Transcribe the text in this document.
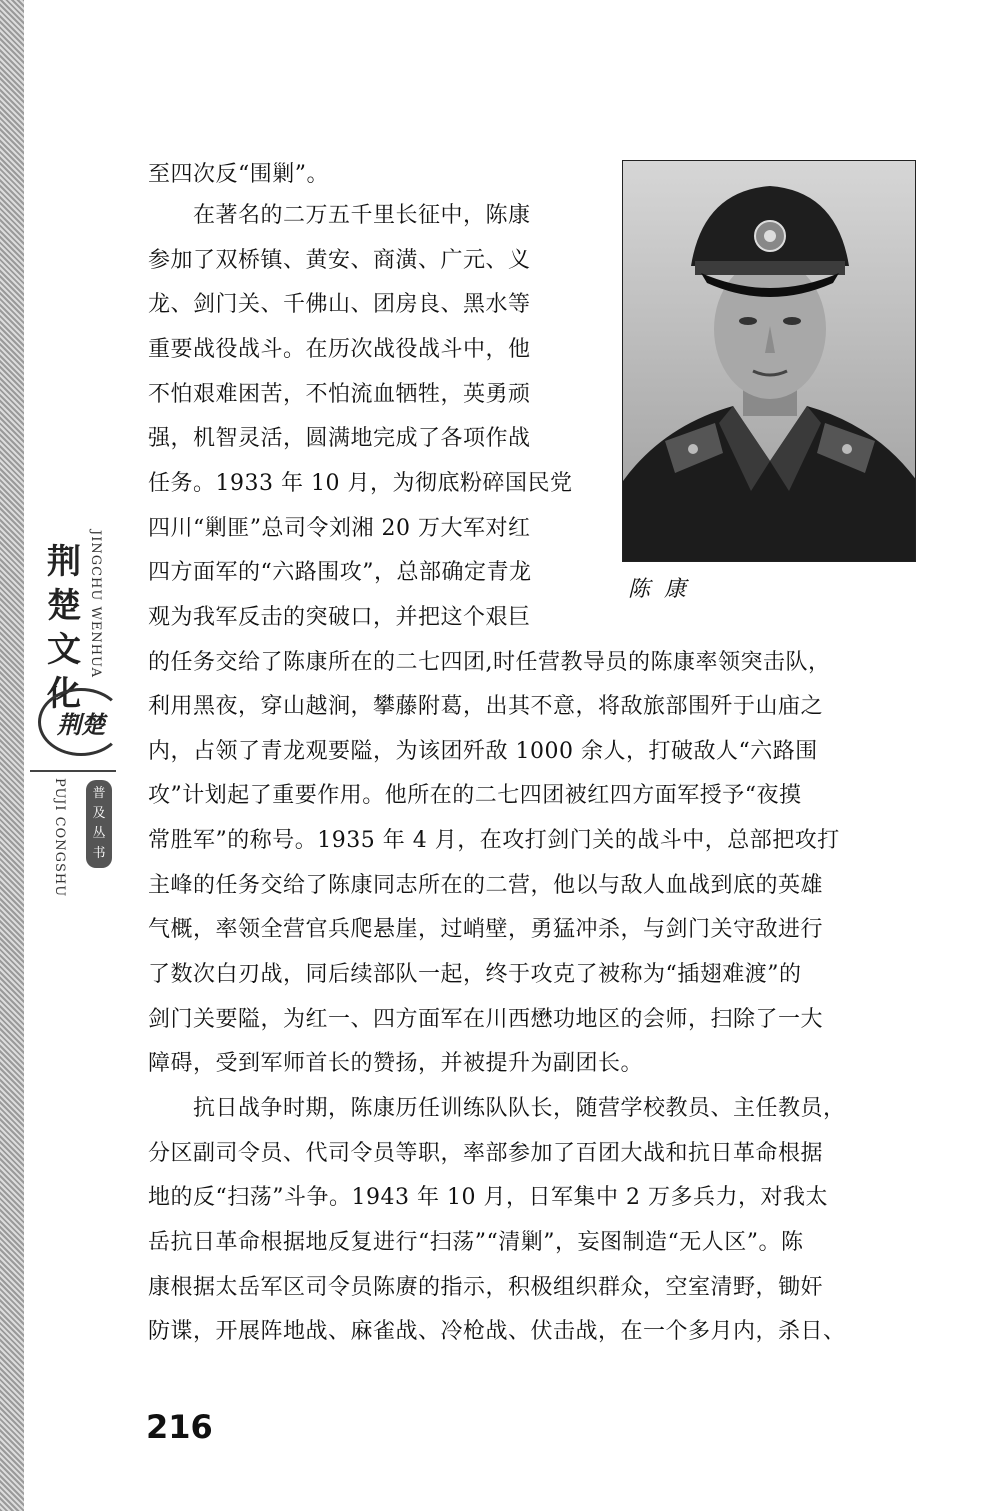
荆
楚
文
化
JINGCHU WENHUA
荆楚
普
及
丛
书
PUJI CONGSHU
陈康
至四次反“围剿”。
　　在著名的二万五千里长征中，陈康
参加了双桥镇、黄安、商潢、广元、义
龙、剑门关、千佛山、团房良、黑水等
重要战役战斗。在历次战役战斗中，他
不怕艰难困苦，不怕流血牺牲，英勇顽
强，机智灵活，圆满地完成了各项作战
任务。1933 年 10 月，为彻底粉碎国民党
四川“剿匪”总司令刘湘 20 万大军对红
四方面军的“六路围攻”，总部确定青龙
观为我军反击的突破口，并把这个艰巨
的任务交给了陈康所在的二七四团,时任营教导员的陈康率领突击队，
利用黑夜，穿山越涧，攀藤附葛，出其不意，将敌旅部围歼于山庙之
内，占领了青龙观要隘，为该团歼敌 1000 余人，打破敌人“六路围
攻”计划起了重要作用。他所在的二七四团被红四方面军授予“夜摸
常胜军”的称号。1935 年 4 月，在攻打剑门关的战斗中，总部把攻打
主峰的任务交给了陈康同志所在的二营，他以与敌人血战到底的英雄
气概，率领全营官兵爬悬崖，过峭壁，勇猛冲杀，与剑门关守敌进行
了数次白刃战，同后续部队一起，终于攻克了被称为“插翅难渡”的
剑门关要隘，为红一、四方面军在川西懋功地区的会师，扫除了一大
障碍，受到军师首长的赞扬，并被提升为副团长。
　　抗日战争时期，陈康历任训练队队长，随营学校教员、主任教员，
分区副司令员、代司令员等职，率部参加了百团大战和抗日革命根据
地的反“扫荡”斗争。1943 年 10 月，日军集中 2 万多兵力，对我太
岳抗日革命根据地反复进行“扫荡”“清剿”，妄图制造“无人区”。陈
康根据太岳军区司令员陈赓的指示，积极组织群众，空室清野，锄奸
防谍，开展阵地战、麻雀战、冷枪战、伏击战，在一个多月内，杀日、
216
